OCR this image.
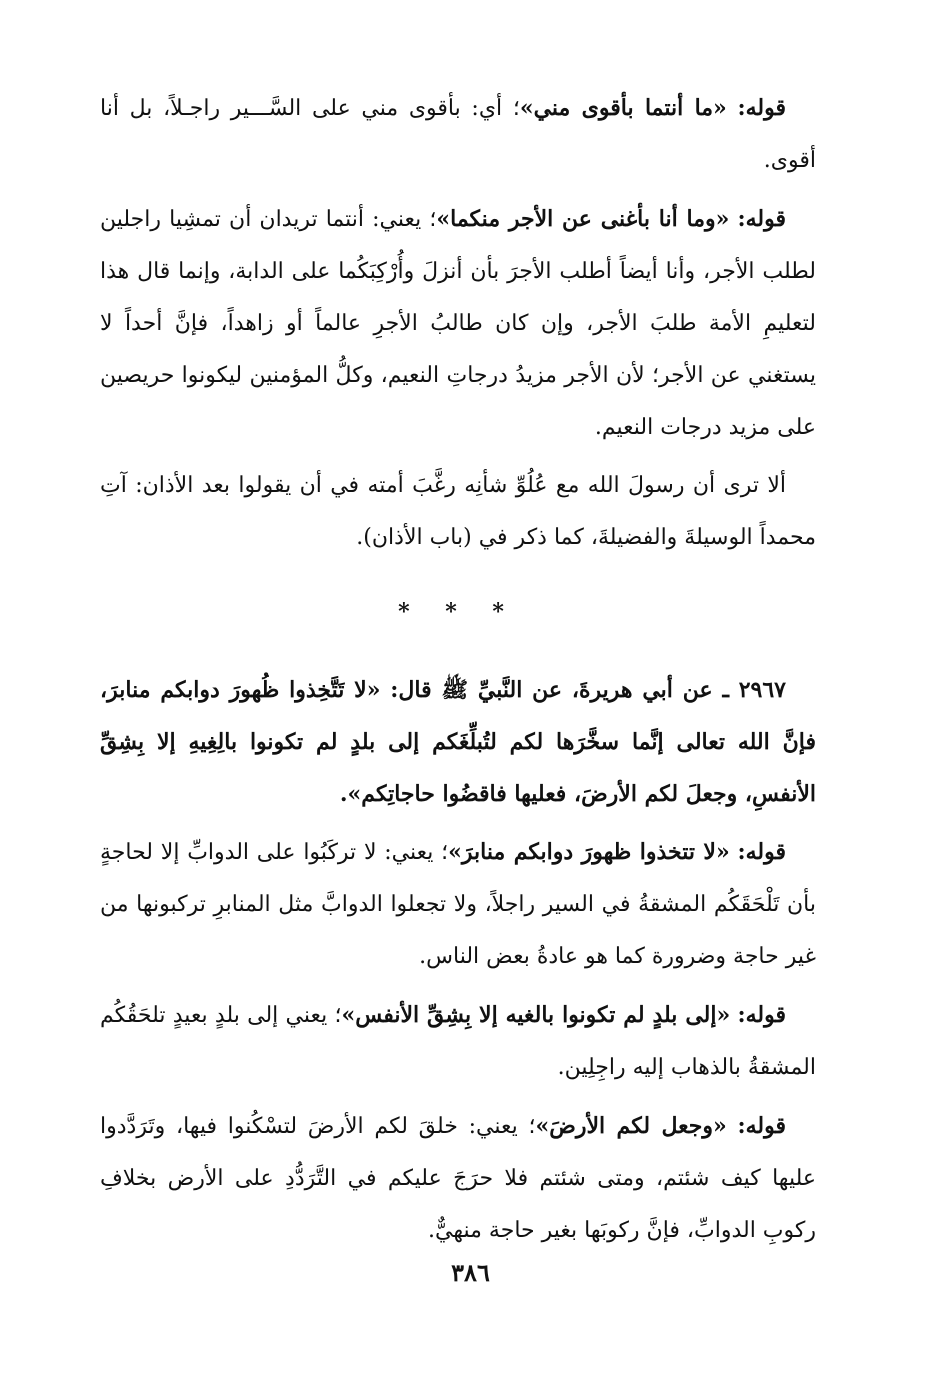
قوله: «ما أنتما بأقوى مني»؛ أي: بأقوى مني على السَّـــير راجـلاً، بل أنا أقوى.

قوله: «وما أنا بأغنى عن الأجر منكما»؛ يعني: أنتما تريدان أن تمشِيا راجلين لطلب الأجر، وأنا أيضاً أطلب الأجرَ بأن أنزلَ وأُرْكِبَكُما على الدابة، وإنما قال هذا لتعليمِ الأمة طلبَ الأجر، وإن كان طالبُ الأجرِ عالماً أو زاهداً، فإنَّ أحداً لا يستغني عن الأجر؛ لأن الأجر مزيدُ درجاتِ النعيم، وكلُّ المؤمنين ليكونوا حريصين على مزيد درجات النعيم.

ألا ترى أن رسولَ الله مع عُلُوِّ شأنِه رغَّبَ أمته في أن يقولوا بعد الأذان: آتِ محمداً الوسيلةَ والفضيلةَ، كما ذكر في (باب الأذان).

* * *

٢٩٦٧ ـ عن أبي هريرةَ، عن النَّبيِّ ﷺ قال: «لا تَتَّخِذوا ظُهورَ دوابكم منابرَ، فإنَّ الله تعالى إنَّما سخَّرَها لكم لتُبلِّغَكم إلى بلدٍ لم تكونوا بالِغِيهِ إلا بِشِقِّ الأنفسِ، وجعلَ لكم الأرضَ، فعليها فاقضُوا حاجاتِكم».

قوله: «لا تتخذوا ظهورَ دوابكم منابرَ»؛ يعني: لا تركَبُوا على الدوابِّ إلا لحاجةٍ بأن تَلْحَقَكُم المشقةُ في السير راجلاً، ولا تجعلوا الدوابَّ مثل المنابرِ تركبونها من غير حاجة وضرورة كما هو عادةُ بعض الناس.

قوله: «إلى بلدٍ لم تكونوا بالغيه إلا بِشِقِّ الأنفس»؛ يعني إلى بلدٍ بعيدٍ تلحَقُكُم المشقةُ بالذهاب إليه راجِلِين.

قوله: «وجعل لكم الأرضَ»؛ يعني: خلقَ لكم الأرضَ لتسْكُنوا فيها، وتَرَدَّدوا عليها كيف شئتم، ومتى شئتم فلا حرَجَ عليكم في التَّرَدُّدِ على الأرض بخلافِ ركوبِ الدوابِّ، فإنَّ ركوبَها بغير حاجة منهيٌّ.

٣٨٦
